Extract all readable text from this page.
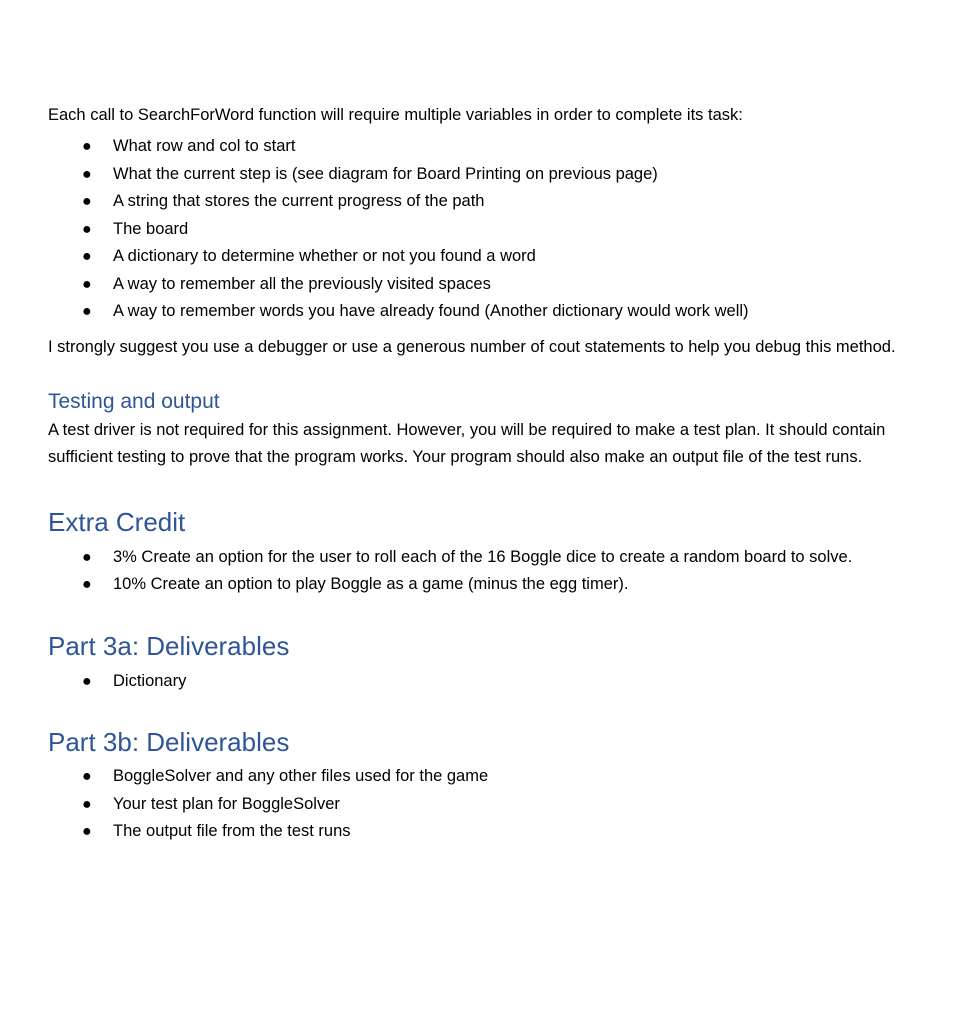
Each call to SearchForWord function will require multiple variables in order to complete its task:

● What row and col to start
● What the current step is (see diagram for Board Printing on previous page)
● A string that stores the current progress of the path
● The board
● A dictionary to determine whether or not you found a word
● A way to remember all the previously visited spaces
● A way to remember words you have already found (Another dictionary would work well)

I strongly suggest you use a debugger or use a generous number of cout statements to help you debug this method.

Testing and output

A test driver is not required for this assignment. However, you will be required to make a test plan. It should contain sufficient testing to prove that the program works. Your program should also make an output file of the test runs.

Extra Credit
● 3% Create an option for the user to roll each of the 16 Boggle dice to create a random board to solve.
● 10% Create an option to play Boggle as a game (minus the egg timer).
Part 3a: Deliverables
● Dictionary
Part 3b: Deliverables
● BoggleSolver and any other files used for the game
● Your test plan for BoggleSolver
● The output file from the test runs
